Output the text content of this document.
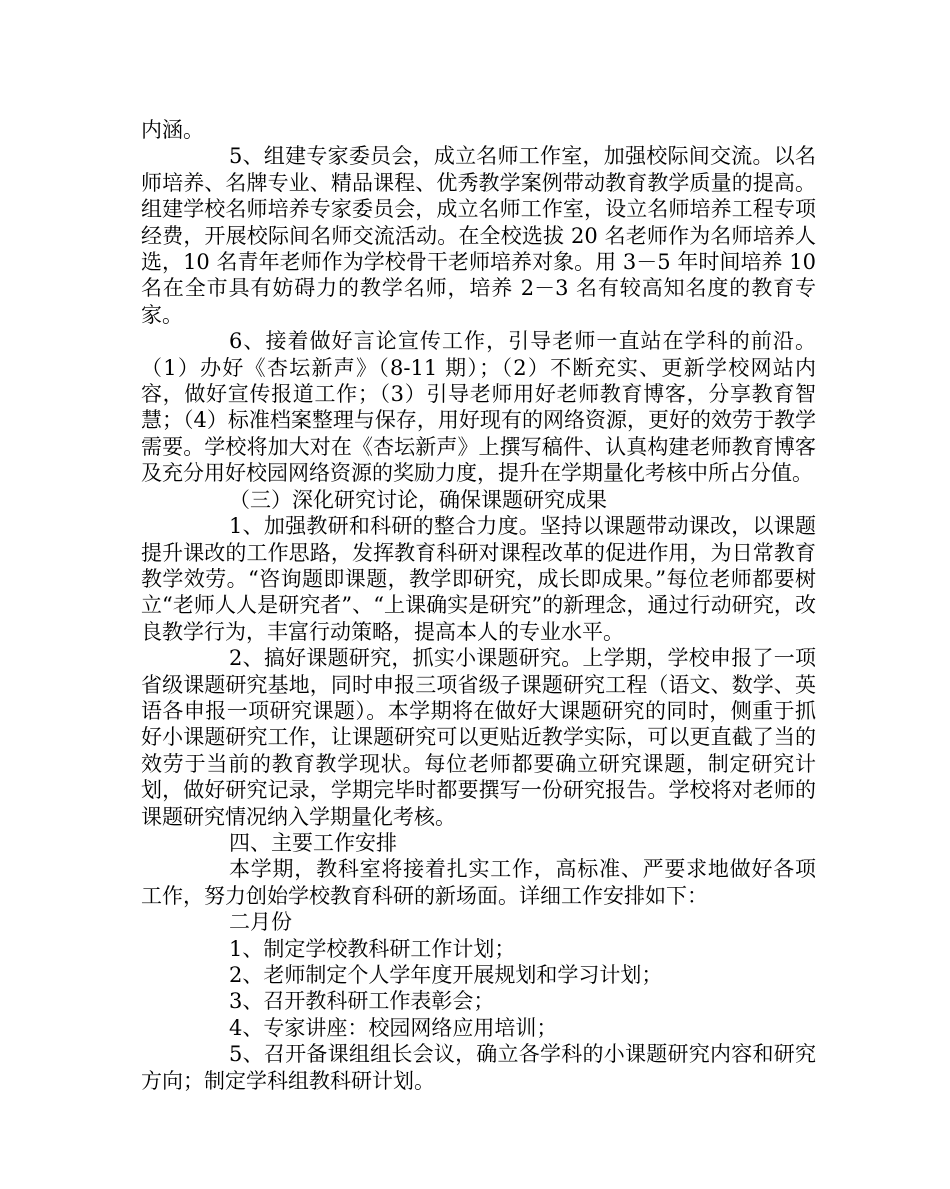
内涵。

5、组建专家委员会，成立名师工作室，加强校际间交流。以名师培养、名牌专业、精品课程、优秀教学案例带动教育教学质量的提高。组建学校名师培养专家委员会，成立名师工作室，设立名师培养工程专项经费，开展校际间名师交流活动。在全校选拔 20 名老师作为名师培养人选，10 名青年老师作为学校骨干老师培养对象。用 3－5 年时间培养 10 名在全市具有妨碍力的教学名师，培养 2－3 名有较高知名度的教育专家。

6、接着做好言论宣传工作，引导老师一直站在学科的前沿。（1）办好《杏坛新声》（8-11 期）；（2）不断充实、更新学校网站内容，做好宣传报道工作；（3）引导老师用好老师教育博客，分享教育智慧；（4）标准档案整理与保存，用好现有的网络资源，更好的效劳于教学需要。学校将加大对在《杏坛新声》上撰写稿件、认真构建老师教育博客及充分用好校园网络资源的奖励力度，提升在学期量化考核中所占分值。

（三）深化研究讨论，确保课题研究成果

1、加强教研和科研的整合力度。坚持以课题带动课改，以课题提升课改的工作思路，发挥教育科研对课程改革的促进作用，为日常教育教学效劳。“咨询题即课题，教学即研究，成长即成果。”每位老师都要树立“老师人人是研究者”、“上课确实是研究”的新理念，通过行动研究，改良教学行为，丰富行动策略，提高本人的专业水平。

2、搞好课题研究，抓实小课题研究。上学期，学校申报了一项省级课题研究基地，同时申报三项省级子课题研究工程（语文、数学、英语各申报一项研究课题）。本学期将在做好大课题研究的同时，侧重于抓好小课题研究工作，让课题研究可以更贴近教学实际，可以更直截了当的效劳于当前的教育教学现状。每位老师都要确立研究课题，制定研究计划，做好研究记录，学期完毕时都要撰写一份研究报告。学校将对老师的课题研究情况纳入学期量化考核。

四、主要工作安排

本学期，教科室将接着扎实工作，高标准、严要求地做好各项工作，努力创始学校教育科研的新场面。详细工作安排如下：

二月份

1、制定学校教科研工作计划；

2、老师制定个人学年度开展规划和学习计划；

3、召开教科研工作表彰会；

4、专家讲座：校园网络应用培训；

5、召开备课组组长会议，确立各学科的小课题研究内容和研究方向；制定学科组教科研计划。
